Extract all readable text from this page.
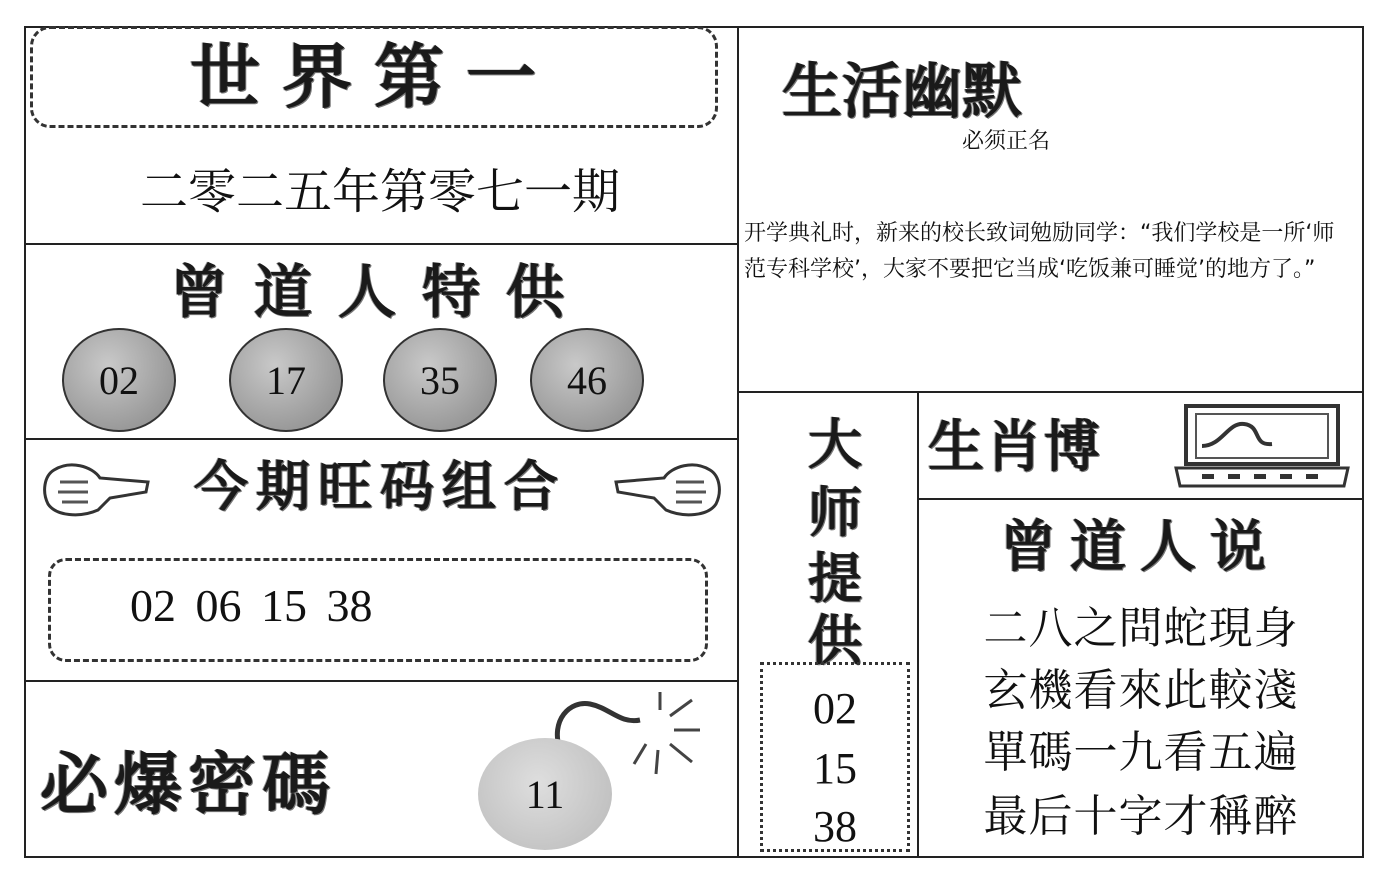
世界第一
二零二五年第零七一期
曾道人特供
02	17	35	46
今期旺码组合
02 06 15 38
必爆密碼	11
生活幽默
必须正名
开学典礼时，新来的校长致词勉励同学：“我们学校是一所‘师范专科学校’，大家不要把它当成‘吃饭兼可睡觉’的地方了。”
大
师
提
供
02
15
38
生肖博
曾道人说
二八之問蛇現身
玄機看來此較淺
單碼一九看五遍
最后十字才稱醉
